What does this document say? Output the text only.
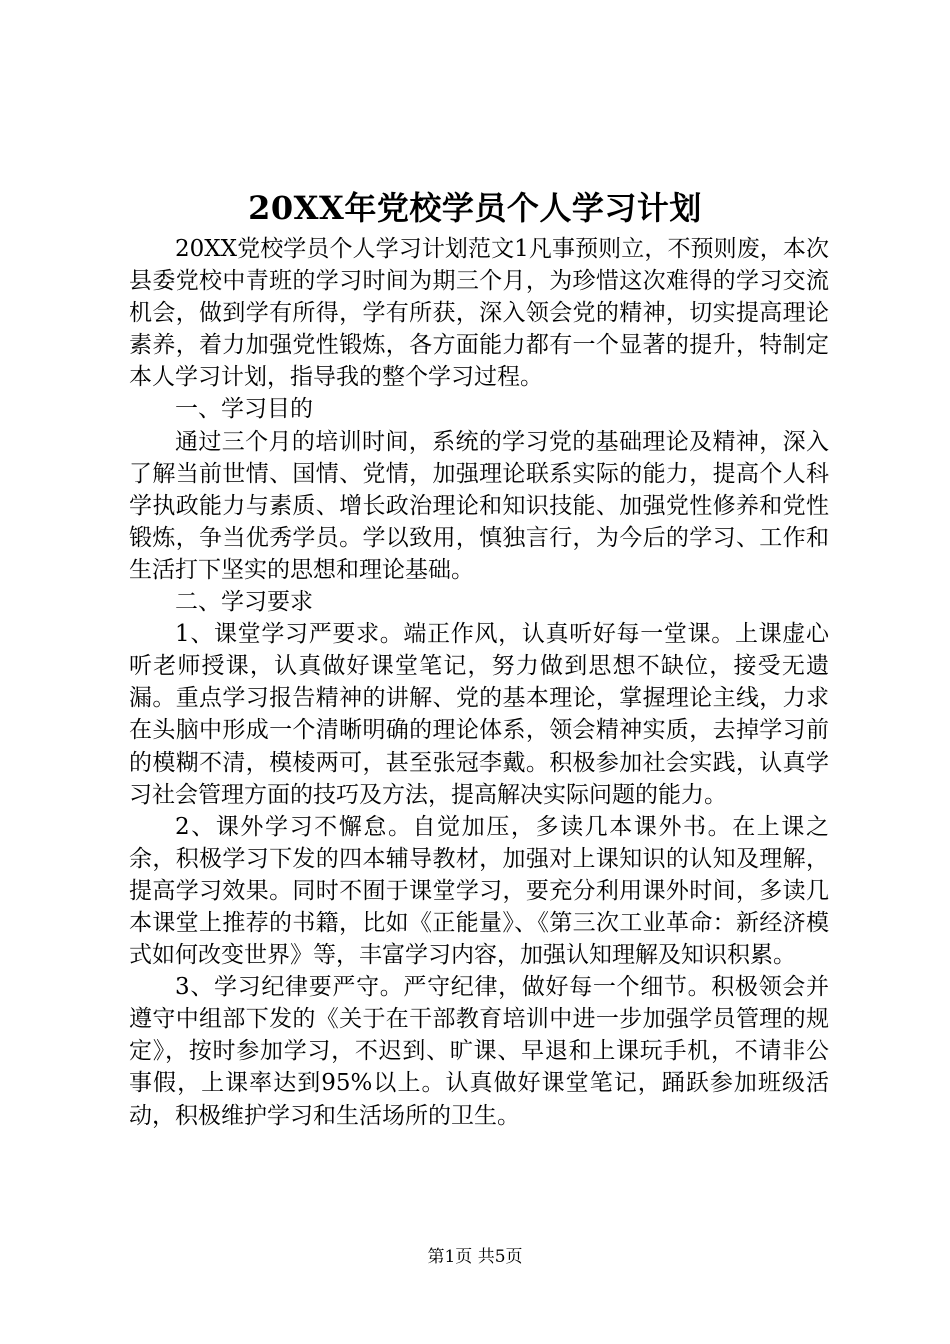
20XX年党校学员个人学习计划

20XX党校学员个人学习计划范文1凡事预则立，不预则废，本次县委党校中青班的学习时间为期三个月，为珍惜这次难得的学习交流机会，做到学有所得，学有所获，深入领会党的精神，切实提高理论素养，着力加强党性锻炼，各方面能力都有一个显著的提升，特制定本人学习计划，指导我的整个学习过程。

一、学习目的

通过三个月的培训时间，系统的学习党的基础理论及精神，深入了解当前世情、国情、党情，加强理论联系实际的能力，提高个人科学执政能力与素质、增长政治理论和知识技能、加强党性修养和党性锻炼，争当优秀学员。学以致用，慎独言行，为今后的学习、工作和生活打下坚实的思想和理论基础。

二、学习要求

1、课堂学习严要求。端正作风，认真听好每一堂课。上课虚心听老师授课，认真做好课堂笔记，努力做到思想不缺位，接受无遗漏。重点学习报告精神的讲解、党的基本理论，掌握理论主线，力求在头脑中形成一个清晰明确的理论体系，领会精神实质，去掉学习前的模糊不清，模棱两可，甚至张冠李戴。积极参加社会实践，认真学习社会管理方面的技巧及方法，提高解决实际问题的能力。

2、课外学习不懈怠。自觉加压，多读几本课外书。在上课之余，积极学习下发的四本辅导教材，加强对上课知识的认知及理解，提高学习效果。同时不囿于课堂学习，要充分利用课外时间，多读几本课堂上推荐的书籍，比如《正能量》、《第三次工业革命：新经济模式如何改变世界》等，丰富学习内容，加强认知理解及知识积累。

3、学习纪律要严守。严守纪律，做好每一个细节。积极领会并遵守中组部下发的《关于在干部教育培训中进一步加强学员管理的规定》，按时参加学习，不迟到、旷课、早退和上课玩手机，不请非公事假，上课率达到95%以上。认真做好课堂笔记，踊跃参加班级活动，积极维护学习和生活场所的卫生。

第1页 共5页
